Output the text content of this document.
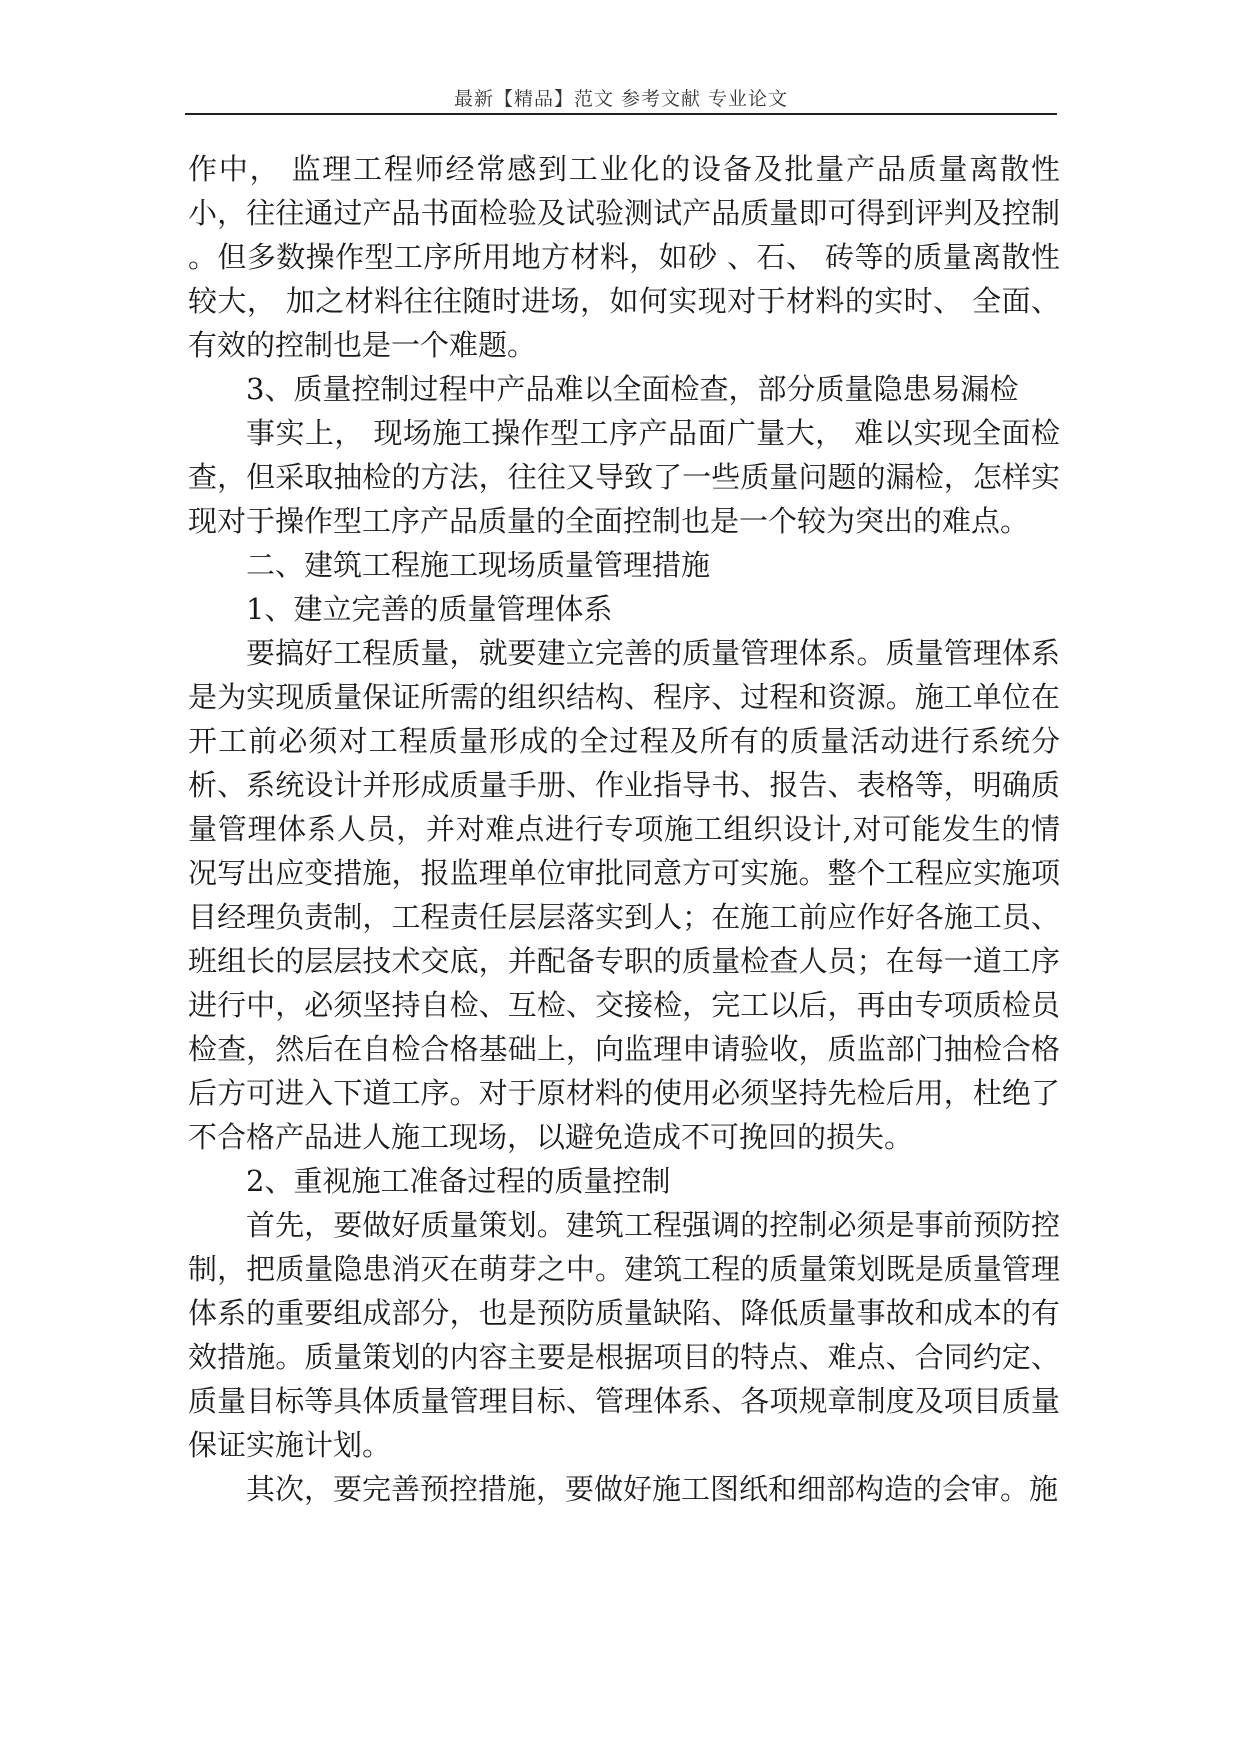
最新【精品】范文 参考文献 专业论文

作中， 监理工程师经常感到工业化的设备及批量产品质量离散性小，往往通过产品书面检验及试验测试产品质量即可得到评判及控制 。但多数操作型工序所用地方材料，如砂 、石、 砖等的质量离散性较大， 加之材料往往随时进场，如何实现对于材料的实时、 全面、 有效的控制也是一个难题。

3、质量控制过程中产品难以全面检查，部分质量隐患易漏检

事实上， 现场施工操作型工序产品面广量大， 难以实现全面检查，但采取抽检的方法，往往又导致了一些质量问题的漏检，怎样实现对于操作型工序产品质量的全面控制也是一个较为突出的难点。

二、建筑工程施工现场质量管理措施

1、建立完善的质量管理体系

要搞好工程质量，就要建立完善的质量管理体系。质量管理体系是为实现质量保证所需的组织结构、程序、过程和资源。施工单位在开工前必须对工程质量形成的全过程及所有的质量活动进行系统分析、系统设计并形成质量手册、作业指导书、报告、表格等，明确质量管理体系人员，并对难点进行专项施工组织设计,对可能发生的情况写出应变措施，报监理单位审批同意方可实施。整个工程应实施项目经理负责制，工程责任层层落实到人；在施工前应作好各施工员、班组长的层层技术交底，并配备专职的质量检查人员；在每一道工序进行中，必须坚持自检、互检、交接检，完工以后，再由专项质检员检查，然后在自检合格基础上，向监理申请验收，质监部门抽检合格后方可进入下道工序。对于原材料的使用必须坚持先检后用，杜绝了不合格产品进人施工现场，以避免造成不可挽回的损失。

2、重视施工准备过程的质量控制

首先，要做好质量策划。建筑工程强调的控制必须是事前预防控制，把质量隐患消灭在萌芽之中。建筑工程的质量策划既是质量管理体系的重要组成部分，也是预防质量缺陷、降低质量事故和成本的有效措施。质量策划的内容主要是根据项目的特点、难点、合同约定、质量目标等具体质量管理目标、管理体系、各项规章制度及项目质量保证实施计划。

其次，要完善预控措施，要做好施工图纸和细部构造的会审。施
